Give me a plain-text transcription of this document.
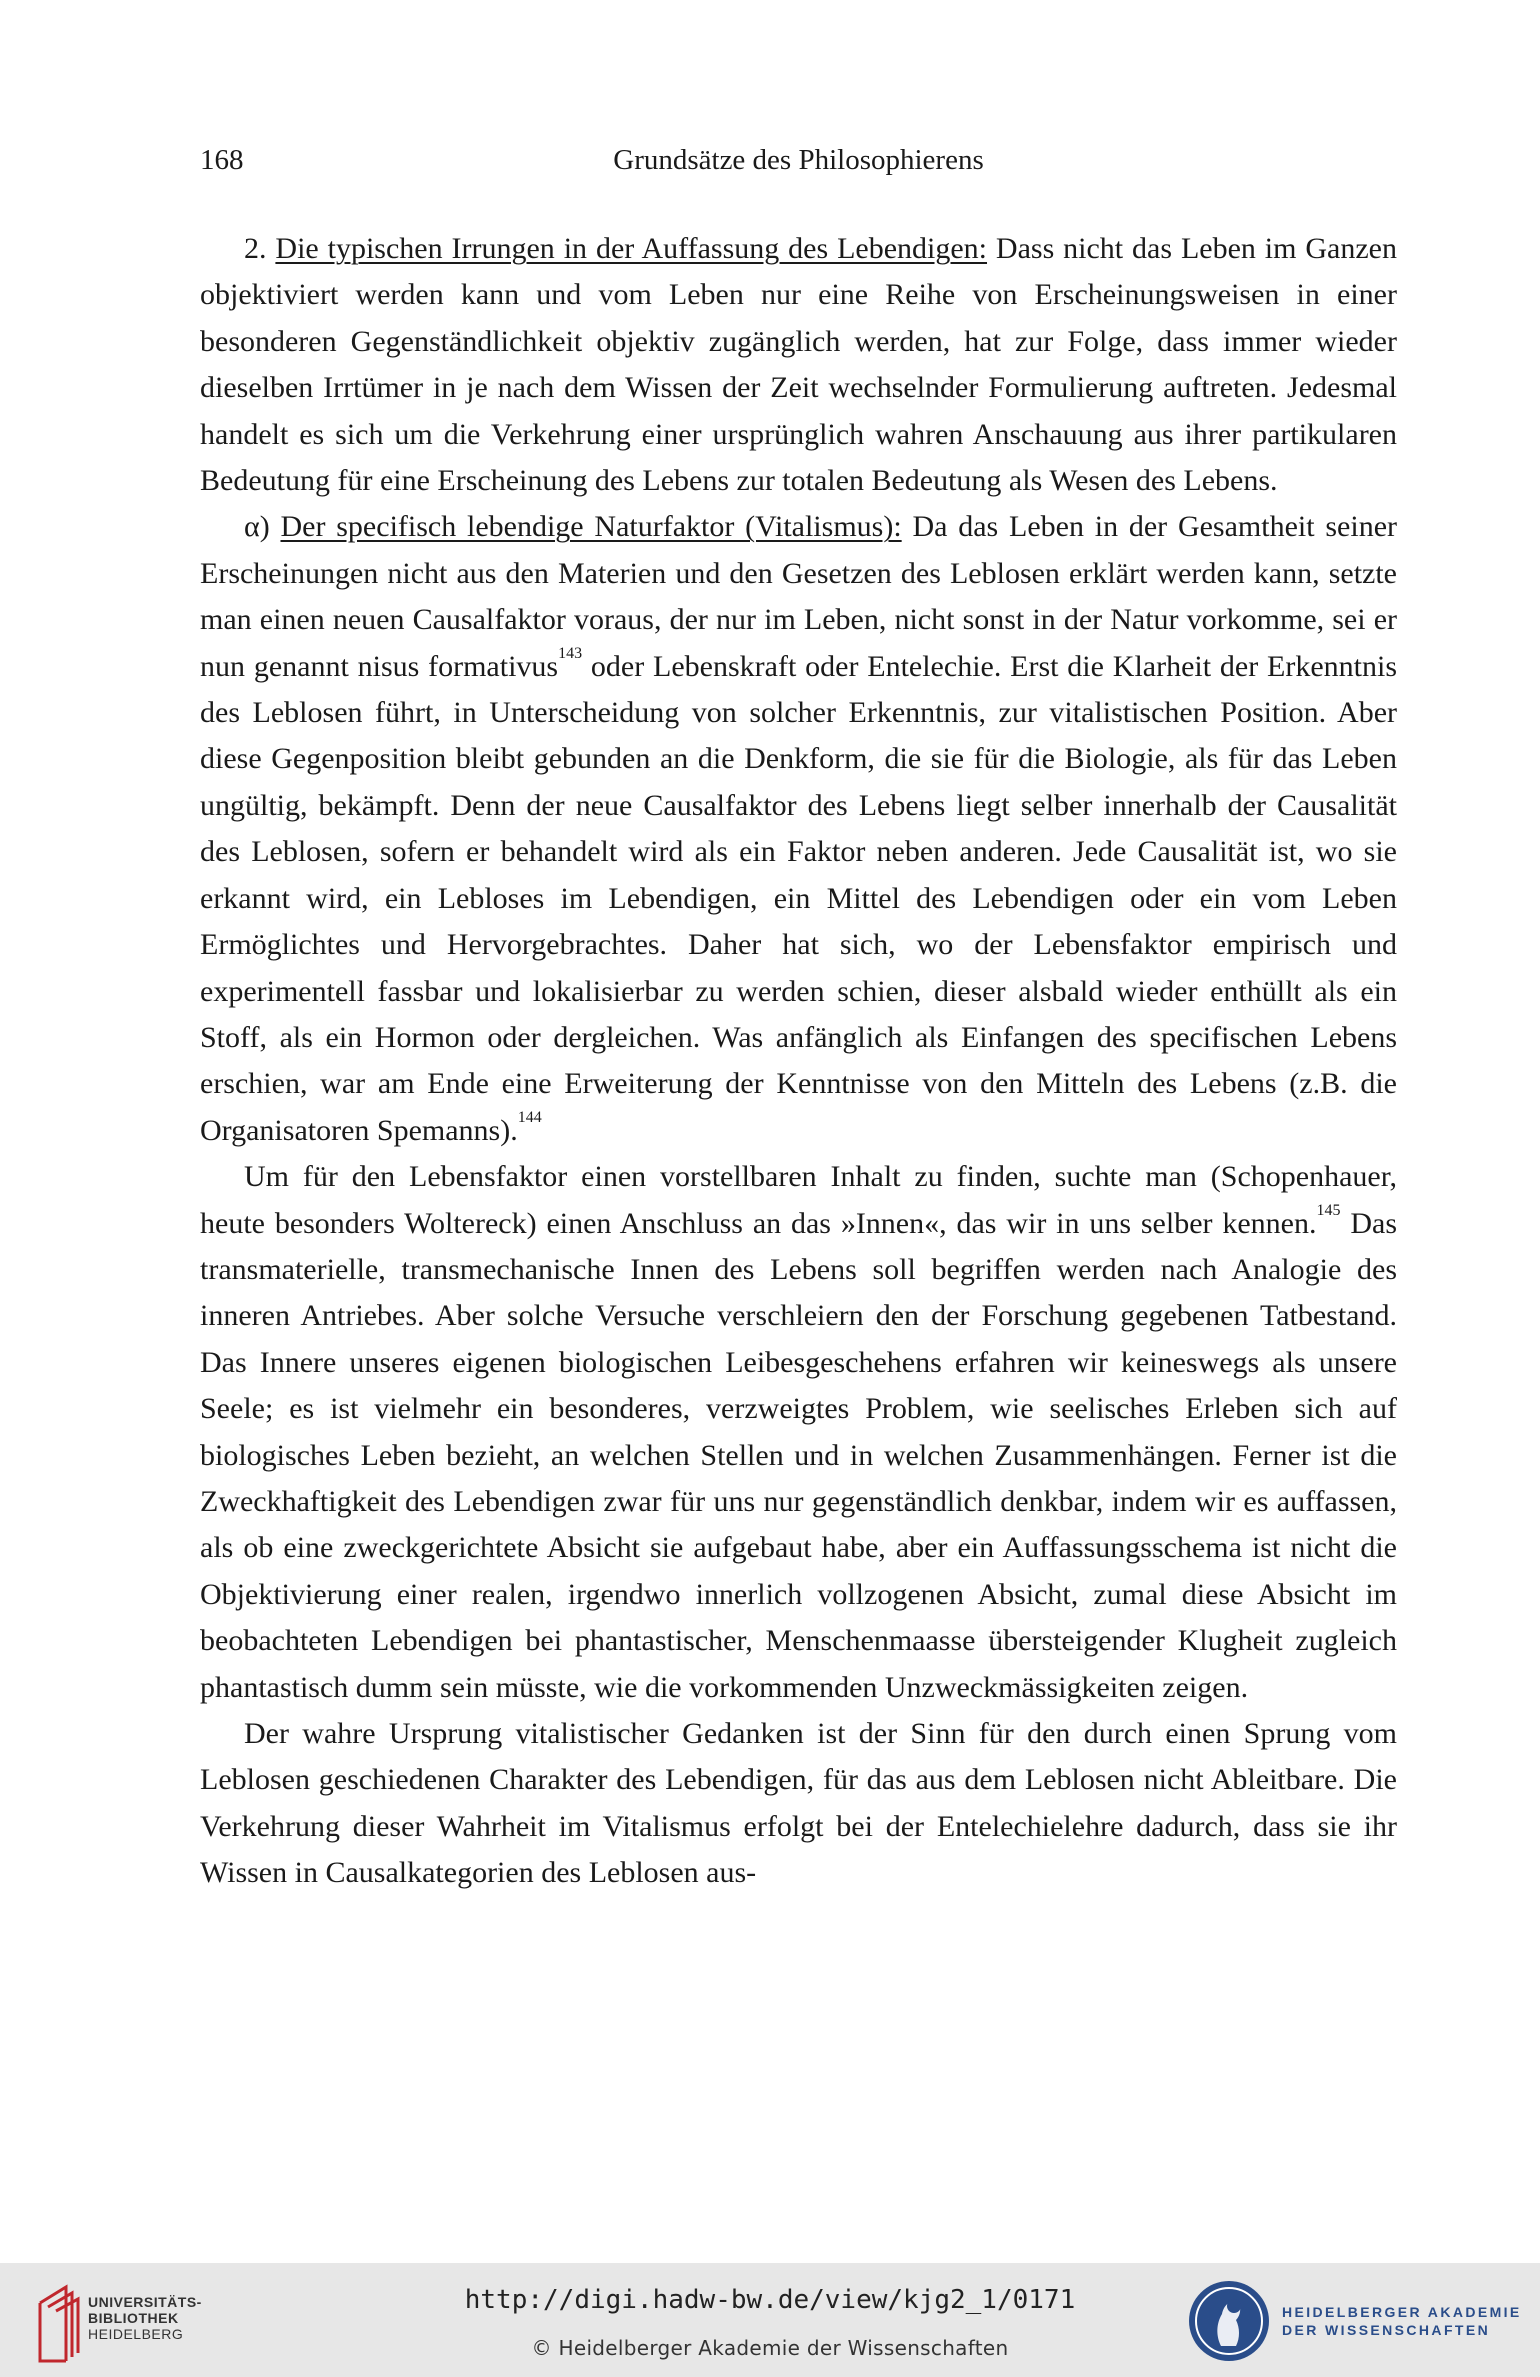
168	Grundsätze des Philosophierens

2. Die typischen Irrungen in der Auffassung des Lebendigen: Dass nicht das Leben im Ganzen objektiviert werden kann und vom Leben nur eine Reihe von Erscheinungsweisen in einer besonderen Gegenständlichkeit objektiv zugänglich werden, hat zur Folge, dass immer wieder dieselben Irrtümer in je nach dem Wissen der Zeit wechselnder Formulierung auftreten. Jedesmal handelt es sich um die Verkehrung einer ursprünglich wahren Anschauung aus ihrer partikularen Bedeutung für eine Erscheinung des Lebens zur totalen Bedeutung als Wesen des Lebens.

α) Der specifisch lebendige Naturfaktor (Vitalismus): Da das Leben in der Gesamtheit seiner Erscheinungen nicht aus den Materien und den Gesetzen des Leblosen erklärt werden kann, setzte man einen neuen Causalfaktor voraus, der nur im Leben, nicht sonst in der Natur vorkomme, sei er nun genannt nisus formativus$^{143}$ oder Lebenskraft oder Entelechie. Erst die Klarheit der Erkenntnis des Leblosen führt, in Unterscheidung von solcher Erkenntnis, zur vitalistischen Position. Aber diese Gegenposition bleibt gebunden an die Denkform, die sie für die Biologie, als für das Leben ungültig, bekämpft. Denn der neue Causalfaktor des Lebens liegt selber innerhalb der Causalität des Leblosen, sofern er behandelt wird als ein Faktor neben anderen. Jede Causalität ist, wo sie erkannt wird, ein Lebloses im Lebendigen, ein Mittel des Lebendigen oder ein vom Leben Ermöglichtes und Hervorgebrachtes. Daher hat sich, wo der Lebensfaktor empirisch und experimentell fassbar und lokalisierbar zu werden schien, dieser alsbald wieder enthüllt als ein Stoff, als ein Hormon oder dergleichen. Was anfänglich als Einfangen des specifischen Lebens erschien, war am Ende eine Erweiterung der Kenntnisse von den Mitteln des Lebens (z.B. die Organisatoren Spemanns).$^{144}$

Um für den Lebensfaktor einen vorstellbaren Inhalt zu finden, suchte man (Schopenhauer, heute besonders Woltereck) einen Anschluss an das »Innen«, das wir in uns selber kennen.$^{145}$ Das transmaterielle, transmechanische Innen des Lebens soll begriffen werden nach Analogie des inneren Antriebes. Aber solche Versuche verschleiern den der Forschung gegebenen Tatbestand. Das Innere unseres eigenen biologischen Leibesgeschehens erfahren wir keineswegs als unsere Seele; es ist vielmehr ein besonderes, verzweigtes Problem, wie seelisches Erleben sich auf biologisches Leben bezieht, an welchen Stellen und in welchen Zusammenhängen. Ferner ist die Zweckhaftigkeit des Lebendigen zwar für uns nur gegenständlich denkbar, indem wir es auffassen, als ob eine zweckgerichtete Absicht sie aufgebaut habe, aber ein Auffassungsschema ist nicht die Objektivierung einer realen, irgendwo innerlich vollzogenen Absicht, zumal diese Absicht im beobachteten Lebendigen bei phantastischer, Menschenmaasse übersteigender Klugheit zugleich phantastisch dumm sein müsste, wie die vorkommenden Unzweckmässigkeiten zeigen.

Der wahre Ursprung vitalistischer Gedanken ist der Sinn für den durch einen Sprung vom Leblosen geschiedenen Charakter des Lebendigen, für das aus dem Leblosen nicht Ableitbare. Die Verkehrung dieser Wahrheit im Vitalismus erfolgt bei der Entelechielehre dadurch, dass sie ihr Wissen in Causalkategorien des Leblosen aus-

UNIVERSITÄTS-
BIBLIOTHEK
HEIDELBERG
http://digi.hadw-bw.de/view/kjg2_1/0171
© Heidelberger Akademie der Wissenschaften
HEIDELBERGER AKADEMIE
DER WISSENSCHAFTEN
